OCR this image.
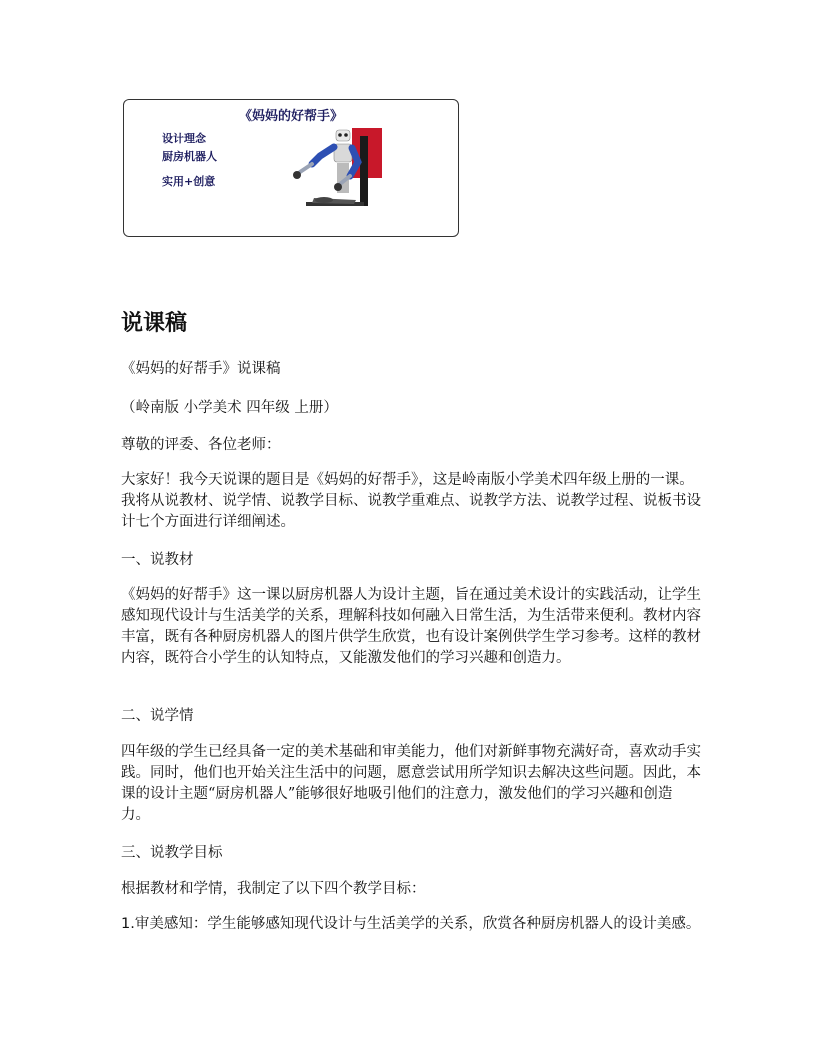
《妈妈的好帮手》
设计理念
厨房机器人
实用+创意
说课稿

《妈妈的好帮手》说课稿

（岭南版 小学美术 四年级 上册）

尊敬的评委、各位老师：

大家好！我今天说课的题目是《妈妈的好帮手》，这是岭南版小学美术四年级上册的一课。我将从说教材、说学情、说教学目标、说教学重难点、说教学方法、说教学过程、说板书设计七个方面进行详细阐述。

一、说教材

《妈妈的好帮手》这一课以厨房机器人为设计主题，旨在通过美术设计的实践活动，让学生感知现代设计与生活美学的关系，理解科技如何融入日常生活，为生活带来便利。教材内容丰富，既有各种厨房机器人的图片供学生欣赏，也有设计案例供学生学习参考。这样的教材内容，既符合小学生的认知特点，又能激发他们的学习兴趣和创造力。

二、说学情

四年级的学生已经具备一定的美术基础和审美能力，他们对新鲜事物充满好奇，喜欢动手实践。同时，他们也开始关注生活中的问题，愿意尝试用所学知识去解决这些问题。因此，本课的设计主题“厨房机器人”能够很好地吸引他们的注意力，激发他们的学习兴趣和创造力。

三、说教学目标

根据教材和学情，我制定了以下四个教学目标：

1.审美感知：学生能够感知现代设计与生活美学的关系，欣赏各种厨房机器人的设计美感。
